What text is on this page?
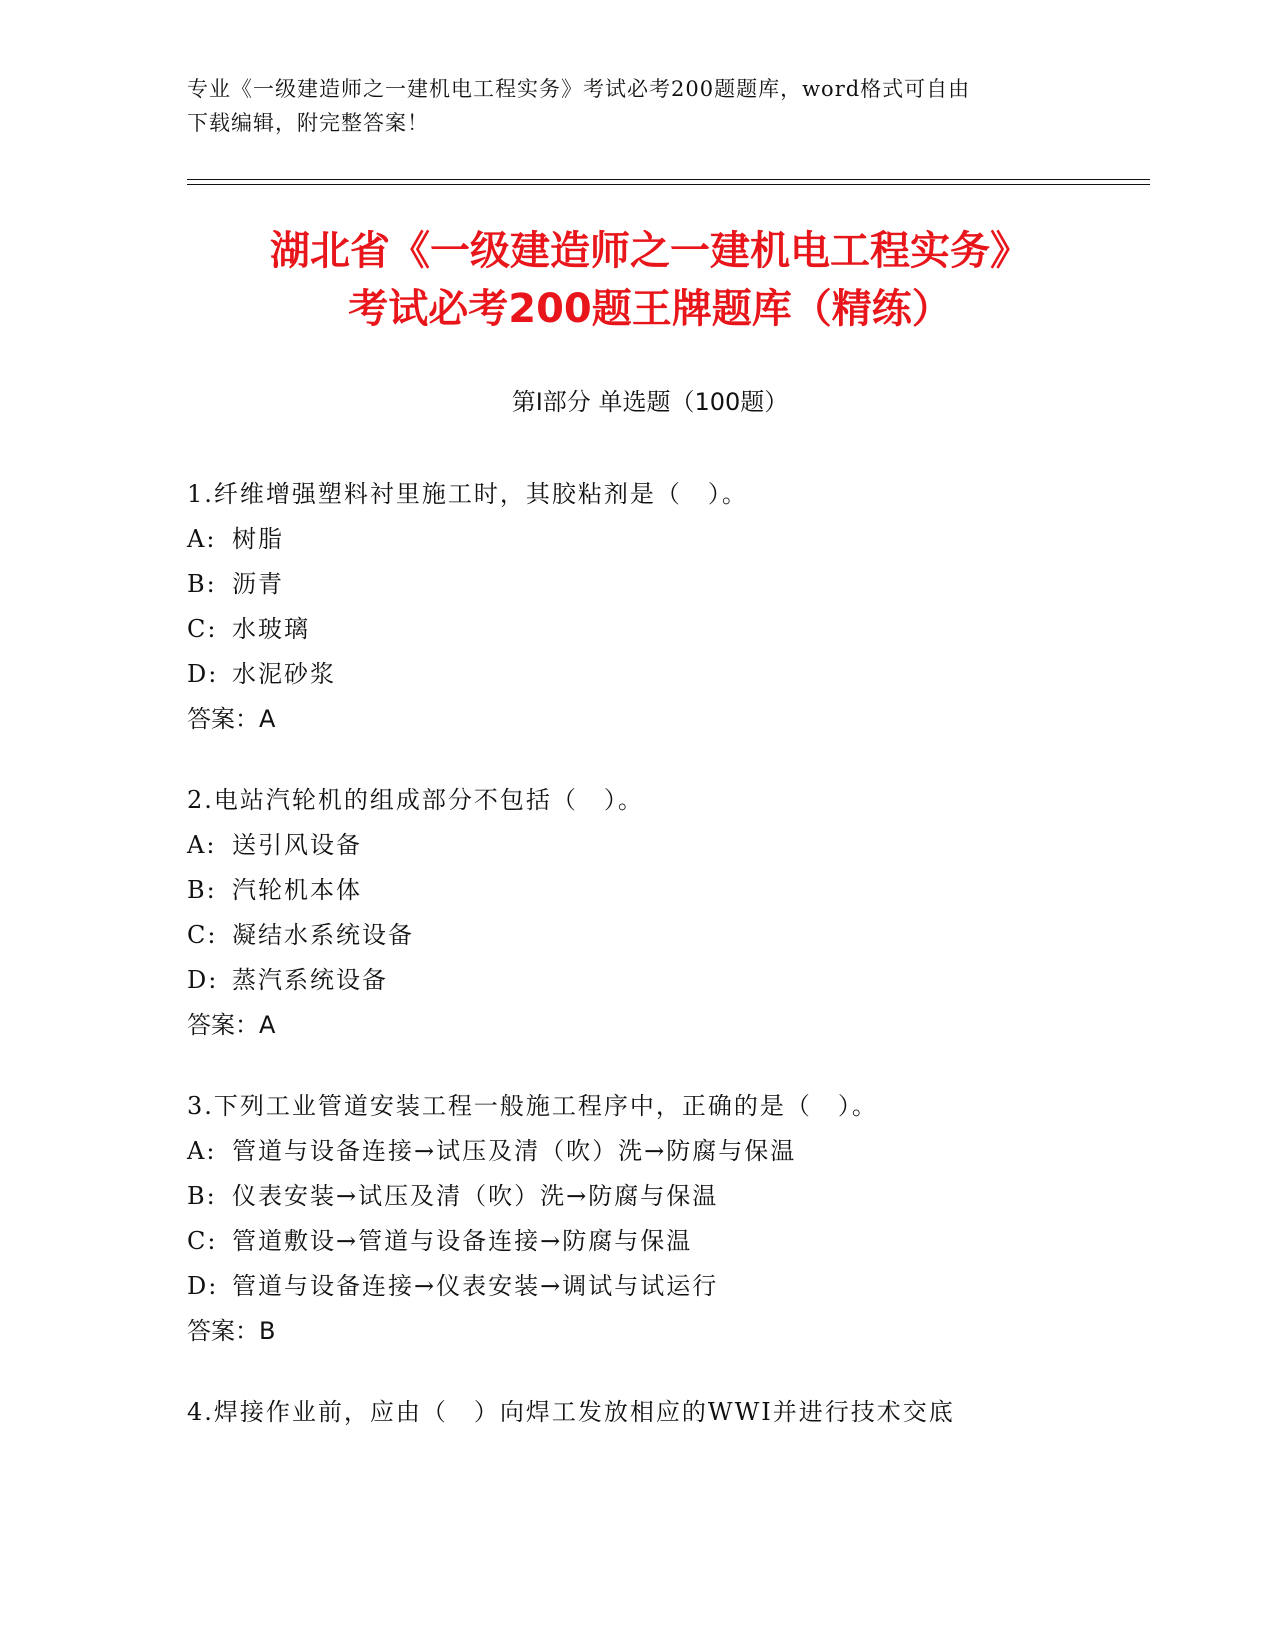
专业《一级建造师之一建机电工程实务》考试必考200题题库，word格式可自由
下载编辑，附完整答案！
湖北省《一级建造师之一建机电工程实务》
考试必考200题王牌题库（精练）
第Ⅰ部分 单选题（100题）
1.纤维增强塑料衬里施工时，其胶粘剂是（　）。
A: 树脂
B: 沥青
C: 水玻璃
D: 水泥砂浆
答案：A
2.电站汽轮机的组成部分不包括（　）。
A: 送引风设备
B: 汽轮机本体
C: 凝结水系统设备
D: 蒸汽系统设备
答案：A
3.下列工业管道安装工程一般施工程序中，正确的是（　）。
A: 管道与设备连接→试压及清（吹）洗→防腐与保温
B: 仪表安装→试压及清（吹）洗→防腐与保温
C: 管道敷设→管道与设备连接→防腐与保温
D: 管道与设备连接→仪表安装→调试与试运行
答案：B
4.焊接作业前，应由（　）向焊工发放相应的WWI并进行技术交底
